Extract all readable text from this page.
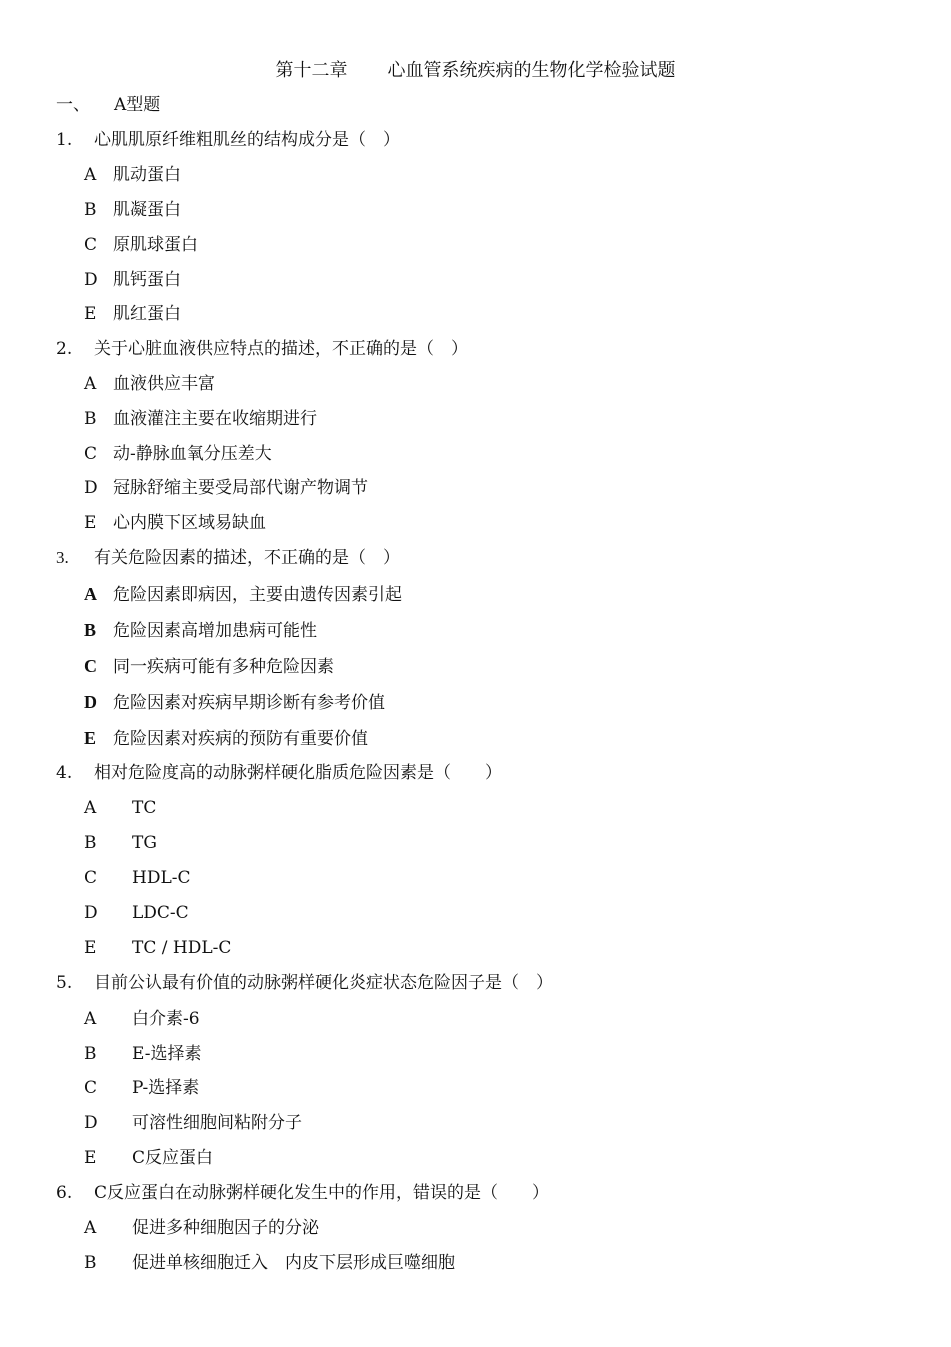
第十二章 心血管系统疾病的生物化学检验试题
一、 A型题
1. 心肌肌原纤维粗肌丝的结构成分是（　）
A 肌动蛋白
B 肌凝蛋白
C 原肌球蛋白
D 肌钙蛋白
E 肌红蛋白
2. 关于心脏血液供应特点的描述，不正确的是（　）
A 血液供应丰富
B 血液灌注主要在收缩期进行
C 动-静脉血氧分压差大
D 冠脉舒缩主要受局部代谢产物调节
E 心内膜下区域易缺血
3. 有关危险因素的描述，不正确的是（　）
A 危险因素即病因，主要由遗传因素引起
B 危险因素高增加患病可能性
C 同一疾病可能有多种危险因素
D 危险因素对疾病早期诊断有参考价值
E 危险因素对疾病的预防有重要价值
4. 相对危险度高的动脉粥样硬化脂质危险因素是（　　）
A TC
B TG
C HDL-C
D LDC-C
E TC / HDL-C
5. 目前公认最有价值的动脉粥样硬化炎症状态危险因子是（　）
A 白介素-6
B E-选择素
C P-选择素
D 可溶性细胞间粘附分子
E C反应蛋白
6. C反应蛋白在动脉粥样硬化发生中的作用，错误的是（　　）
A 促进多种细胞因子的分泌
B 促进单核细胞迁入　内皮下层形成巨噬细胞
